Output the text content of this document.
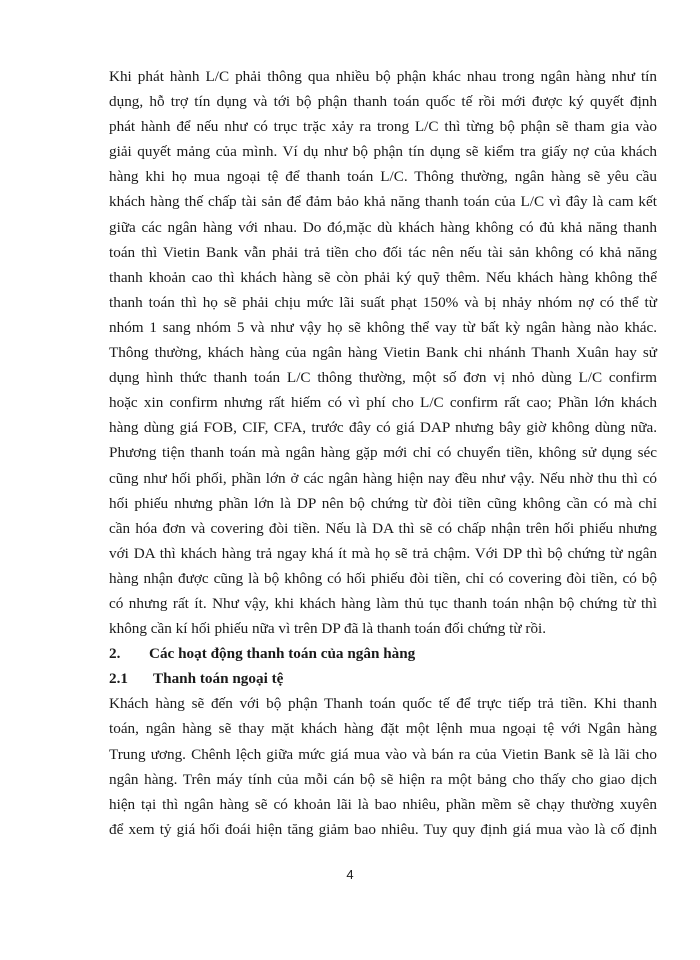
Khi phát hành L/C phải thông qua nhiều bộ phận khác nhau trong ngân hàng như tín
dụng, hỗ trợ tín dụng và tới bộ phận thanh toán quốc tế rồi mới được ký quyết định
phát hành để nếu như có trục trặc xảy ra trong L/C thì từng bộ phận sẽ tham gia vào
giải quyết mảng của mình. Ví dụ như bộ phận tín dụng sẽ kiểm tra giấy nợ của khách
hàng khi họ mua ngoại tệ để thanh toán L/C. Thông thường, ngân hàng sẽ yêu cầu
khách hàng thế chấp tài sản để đảm bảo khả năng thanh toán của L/C vì đây là cam kết
giữa các ngân hàng với nhau. Do đó,mặc dù khách hàng không có đủ khả năng thanh
toán thì Vietin Bank vẫn phải trả tiền cho đối tác nên nếu tài sản không có khả năng
thanh khoản cao thì khách hàng sẽ còn phải ký quỹ thêm. Nếu khách hàng không thể
thanh toán thì họ sẽ phải chịu mức lãi suất phạt 150% và bị nhảy nhóm nợ có thể từ
nhóm 1 sang nhóm 5 và như vậy họ sẽ không thể vay từ bất kỳ ngân hàng nào khác.
Thông thường, khách hàng của ngân hàng Vietin Bank chi nhánh Thanh Xuân hay sử
dụng hình thức thanh toán L/C thông thường, một số đơn vị nhỏ dùng L/C confirm
hoặc xin confirm nhưng rất hiếm có vì phí cho L/C confirm rất cao; Phần lớn khách
hàng dùng giá FOB, CIF, CFA, trước đây có giá DAP nhưng bây giờ không dùng nữa.
Phương tiện thanh toán mà ngân hàng gặp mới chỉ có chuyển tiền, không sử dụng séc
cũng như hối phối, phần lớn ở các ngân hàng hiện nay đều như vậy. Nếu nhờ thu thì có
hối phiếu nhưng phần lớn là DP nên bộ chứng từ đòi tiền cũng không cần có mà chỉ
cần hóa đơn và covering đòi tiền. Nếu là DA thì sẽ có chấp nhận trên hối phiếu nhưng
với DA thì khách hàng trả ngay khá ít mà họ sẽ trả chậm. Với DP thì bộ chứng từ ngân
hàng nhận được cũng là bộ không có hối phiếu đòi tiền, chỉ có covering đòi tiền, có bộ
có nhưng rất ít. Như vậy, khi khách hàng làm thủ tục thanh toán nhận bộ chứng từ thì
không cần kí hối phiếu nữa vì trên DP đã là thanh toán đối chứng từ rồi.

2.	Các hoạt động thanh toán của ngân hàng
2.1	Thanh toán ngoại tệ

Khách hàng sẽ đến với bộ phận Thanh toán quốc tế để trực tiếp trả tiền. Khi thanh
toán, ngân hàng sẽ thay mặt khách hàng đặt một lệnh mua ngoại tệ với Ngân hàng
Trung ương. Chênh lệch giữa mức giá mua vào và bán ra của Vietin Bank sẽ là lãi cho
ngân hàng. Trên máy tính của mỗi cán bộ sẽ hiện ra một bảng cho thấy cho giao dịch
hiện tại thì ngân hàng sẽ có khoản lãi là bao nhiêu, phần mềm sẽ chạy thường xuyên
để xem tỷ giá hối đoái hiện tăng giảm bao nhiêu. Tuy quy định giá mua vào là cố định

4
